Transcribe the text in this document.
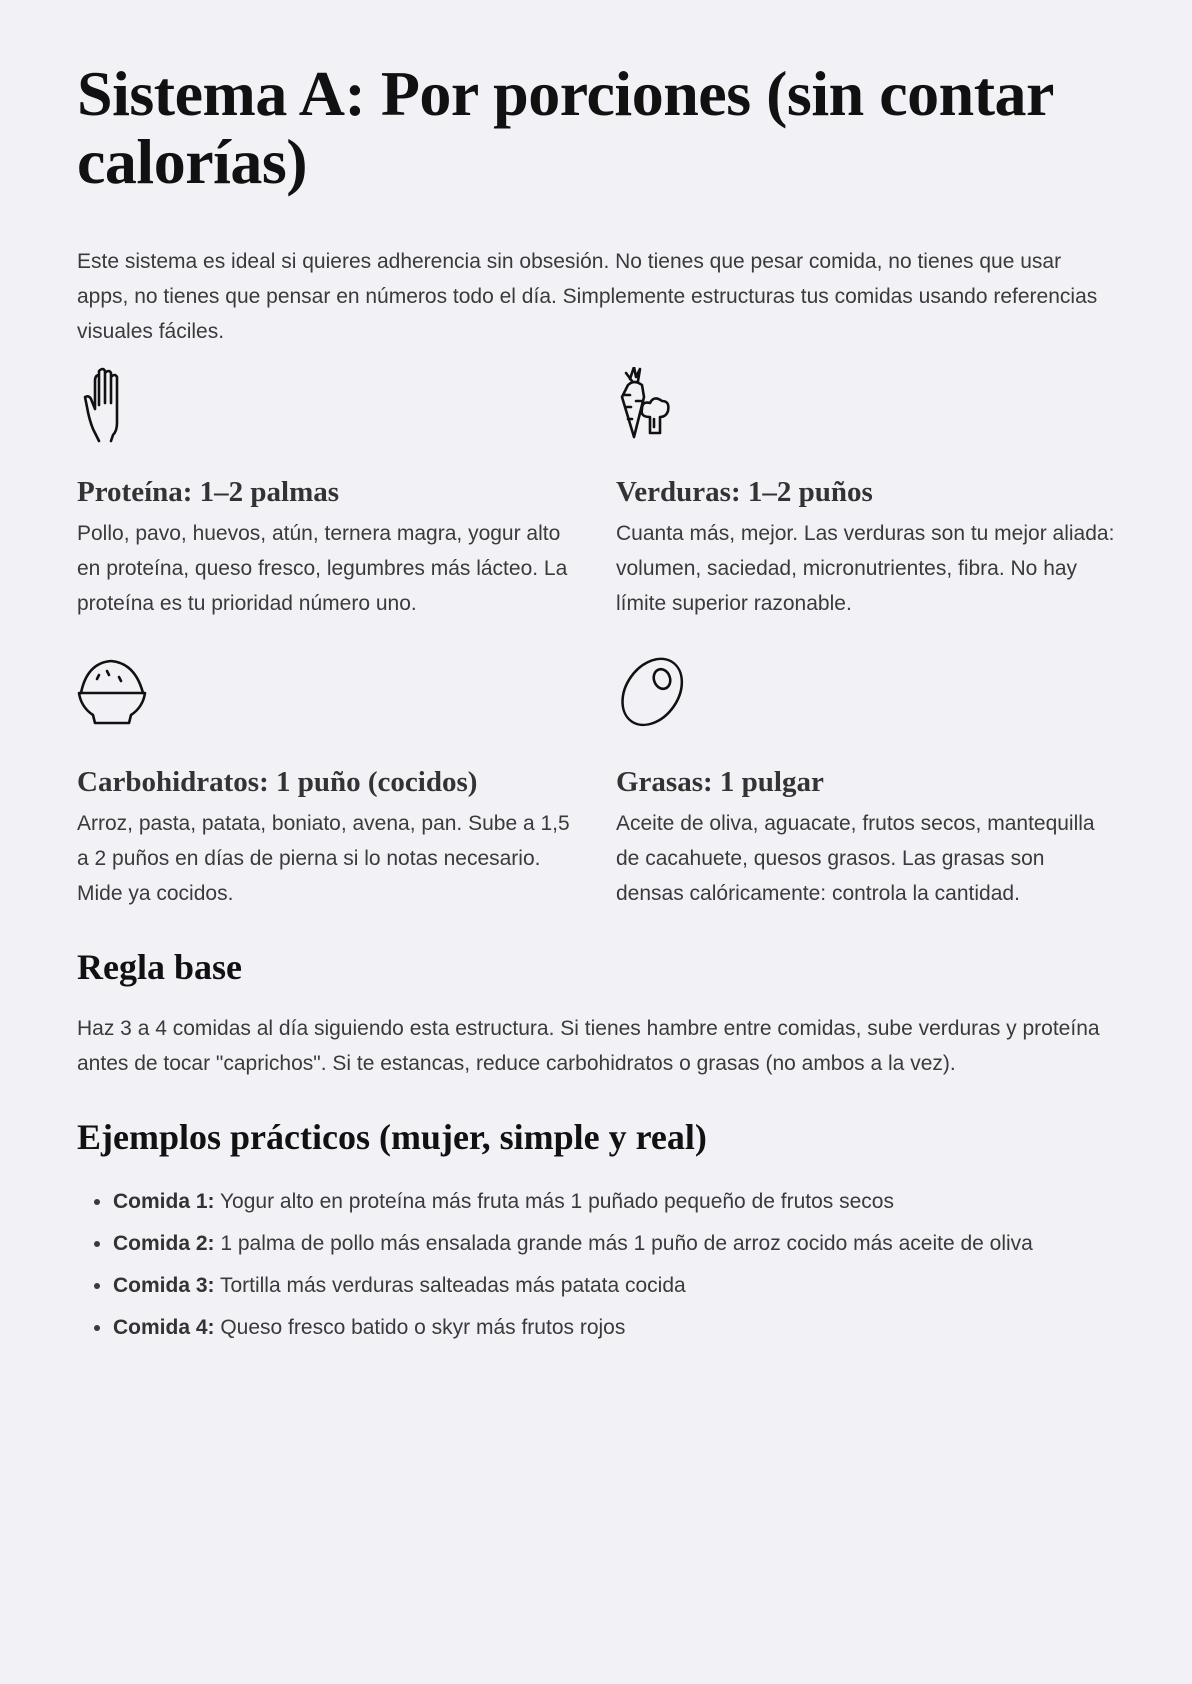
Sistema A: Por porciones (sin contar calorías)

Este sistema es ideal si quieres adherencia sin obsesión. No tienes que pesar comida, no tienes que usar apps, no tienes que pensar en números todo el día. Simplemente estructuras tus comidas usando referencias visuales fáciles.

Proteína: 1–2 palmas

Pollo, pavo, huevos, atún, ternera magra, yogur alto en proteína, queso fresco, legumbres más lácteo. La proteína es tu prioridad número uno.

Verduras: 1–2 puños

Cuanta más, mejor. Las verduras son tu mejor aliada: volumen, saciedad, micronutrientes, fibra. No hay límite superior razonable.

Carbohidratos: 1 puño (cocidos)

Arroz, pasta, patata, boniato, avena, pan. Sube a 1,5 a 2 puños en días de pierna si lo notas necesario. Mide ya cocidos.

Grasas: 1 pulgar

Aceite de oliva, aguacate, frutos secos, mantequilla de cacahuete, quesos grasos. Las grasas son densas calóricamente: controla la cantidad.

Regla base

Haz 3 a 4 comidas al día siguiendo esta estructura. Si tienes hambre entre comidas, sube verduras y proteína antes de tocar "caprichos". Si te estancas, reduce carbohidratos o grasas (no ambos a la vez).

Ejemplos prácticos (mujer, simple y real)
• Comida 1: Yogur alto en proteína más fruta más 1 puñado pequeño de frutos secos
• Comida 2: 1 palma de pollo más ensalada grande más 1 puño de arroz cocido más aceite de oliva
• Comida 3: Tortilla más verduras salteadas más patata cocida
• Comida 4: Queso fresco batido o skyr más frutos rojos
